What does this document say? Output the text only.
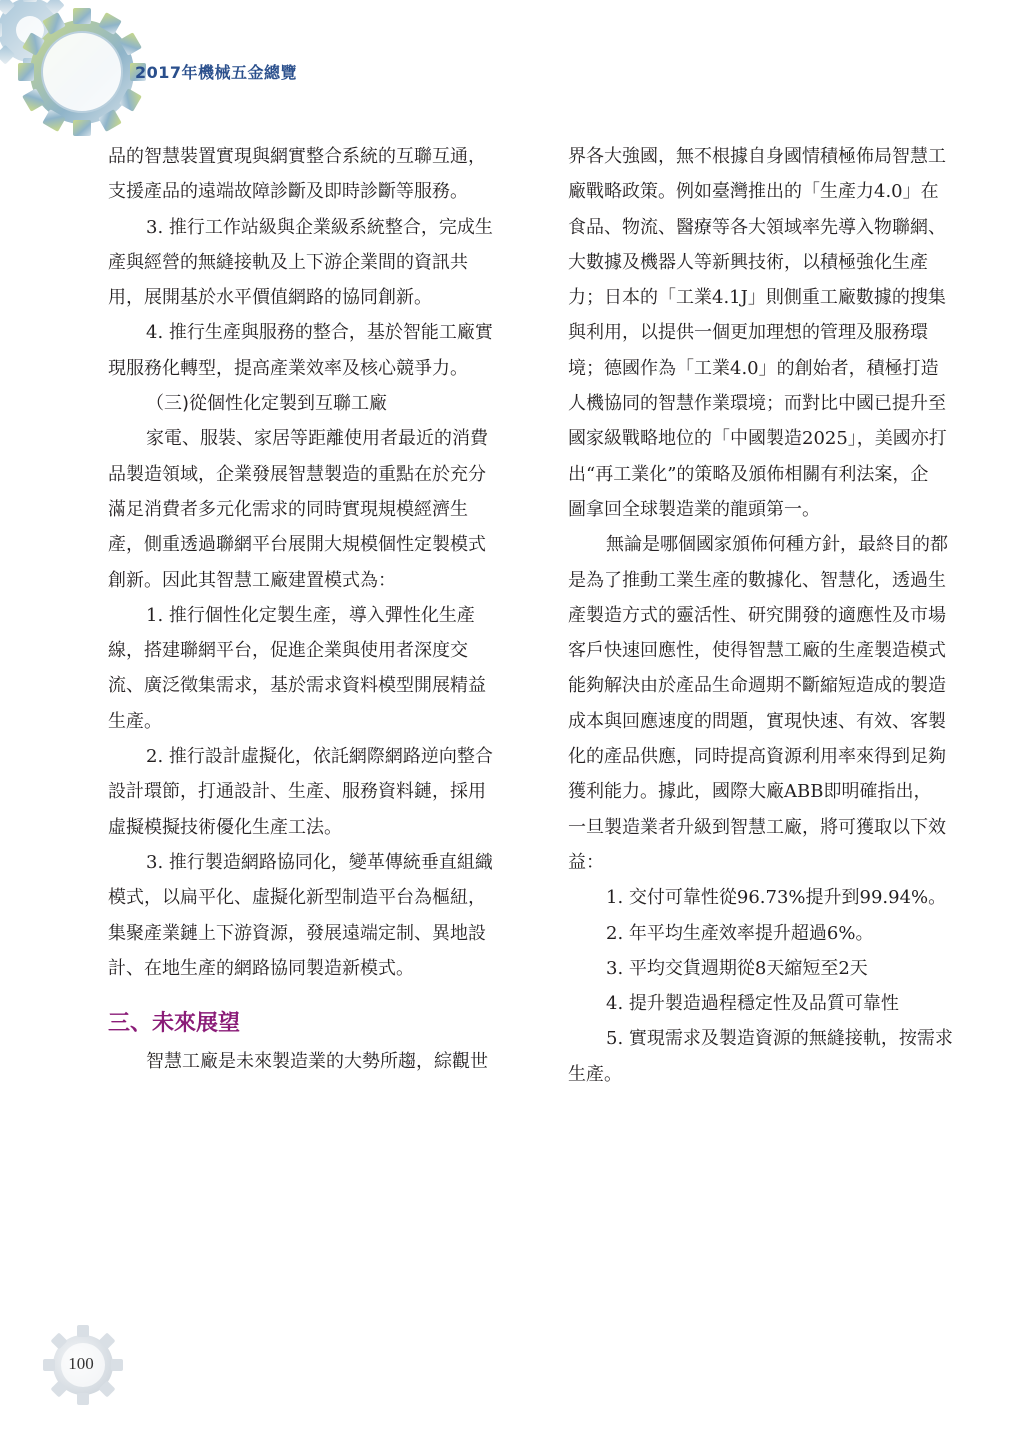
2017年機械五金總覽

品的智慧裝置實現與網實整合系統的互聯互通，

支援產品的遠端故障診斷及即時診斷等服務。

3. 推行工作站級與企業級系統整合，完成生

產與經營的無縫接軌及上下游企業間的資訊共

用，展開基於水平價值網路的協同創新。

4. 推行生產與服務的整合，基於智能工廠實

現服務化轉型，提高產業效率及核心競爭力。

（三)從個性化定製到互聯工廠

家電、服裝、家居等距離使用者最近的消費

品製造領域，企業發展智慧製造的重點在於充分

滿足消費者多元化需求的同時實現規模經濟生

產，側重透過聯網平台展開大規模個性定製模式

創新。因此其智慧工廠建置模式為：

1. 推行個性化定製生產，導入彈性化生產

線，搭建聯網平台，促進企業與使用者深度交

流、廣泛徵集需求，基於需求資料模型開展精益

生產。

2. 推行設計虛擬化，依託網際網路逆向整合

設計環節，打通設計、生產、服務資料鏈，採用

虛擬模擬技術優化生產工法。

3. 推行製造網路協同化，變革傳統垂直組織

模式，以扁平化、虛擬化新型制造平台為樞紐，

集聚產業鏈上下游資源，發展遠端定制、異地設

計、在地生產的網路協同製造新模式。

三、未來展望

智慧工廠是未來製造業的大勢所趨，綜觀世

界各大強國，無不根據自身國情積極佈局智慧工

廠戰略政策。例如臺灣推出的「生產力4.0」在

食品、物流、醫療等各大領域率先導入物聯網、

大數據及機器人等新興技術，以積極強化生產

力；日本的「工業4.1J」則側重工廠數據的搜集

與利用，以提供一個更加理想的管理及服務環

境；德國作為「工業4.0」的創始者，積極打造

人機協同的智慧作業環境；而對比中國已提升至

國家級戰略地位的「中國製造2025」，美國亦打

出“再工業化”的策略及頒佈相關有利法案，企

圖拿回全球製造業的龍頭第一。

無論是哪個國家頒佈何種方針，最終目的都

是為了推動工業生產的數據化、智慧化，透過生

產製造方式的靈活性、研究開發的適應性及市場

客戶快速回應性，使得智慧工廠的生產製造模式

能夠解決由於產品生命週期不斷縮短造成的製造

成本與回應速度的問題，實現快速、有效、客製

化的產品供應，同時提高資源利用率來得到足夠

獲利能力。據此，國際大廠ABB即明確指出，

一旦製造業者升級到智慧工廠，將可獲取以下效

益：

1. 交付可靠性從96.73%提升到99.94%。

2. 年平均生產效率提升超過6%。

3. 平均交貨週期從8天縮短至2天

4. 提升製造過程穩定性及品質可靠性

5. 實現需求及製造資源的無縫接軌，按需求

生產。

100
